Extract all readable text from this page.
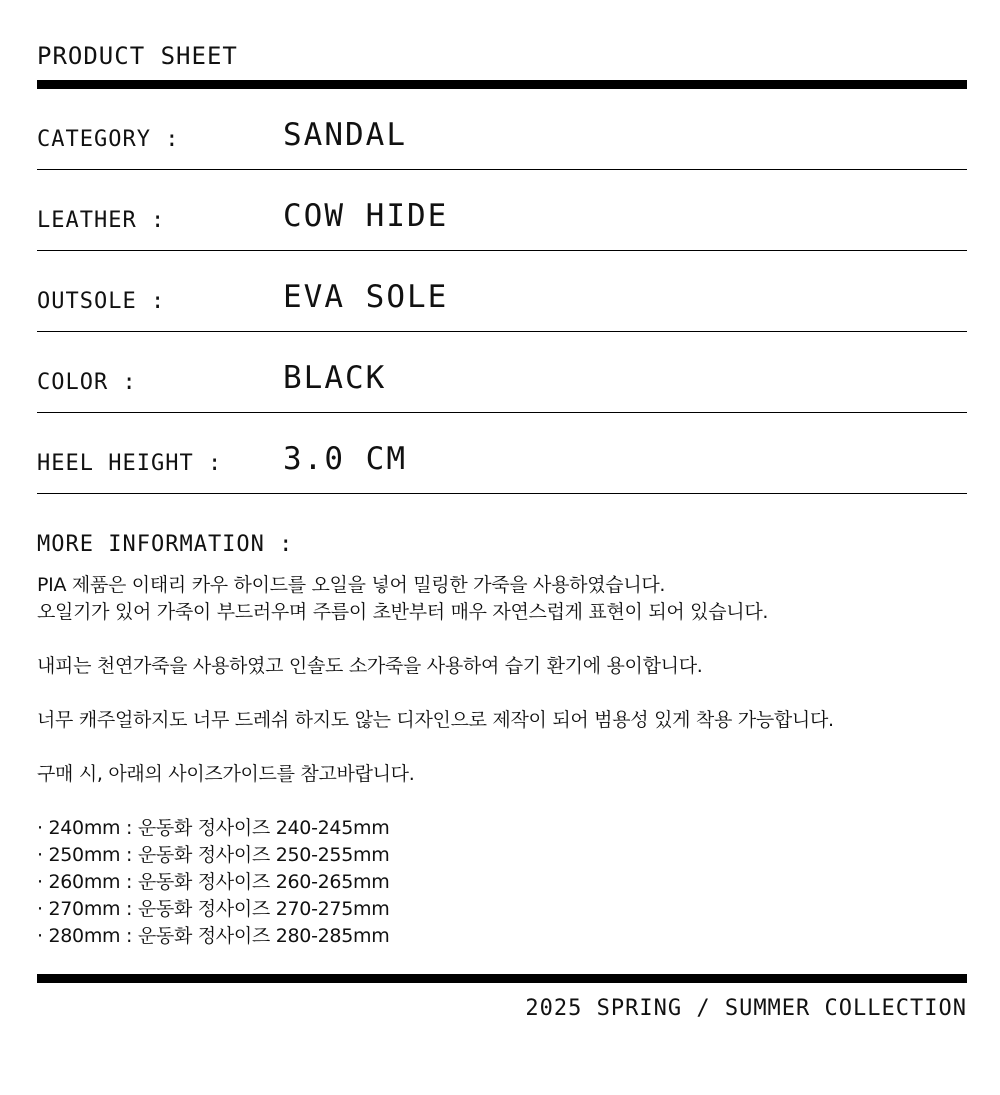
PRODUCT SHEET
CATEGORY :	SANDAL
LEATHER :	COW HIDE
OUTSOLE :	EVA SOLE
COLOR :	BLACK
HEEL HEIGHT : 3.0 CM
MORE INFORMATION :

PIA 제품은 이태리 카우 하이드를 오일을 넣어 밀링한 가죽을 사용하였습니다.

오일기가 있어 가죽이 부드러우며 주름이 초반부터 매우 자연스럽게 표현이 되어 있습니다.

내피는 천연가죽을 사용하였고 인솔도 소가죽을 사용하여 습기 환기에 용이합니다.

너무 캐주얼하지도 너무 드레쉬 하지도 않는 디자인으로 제작이 되어 범용성 있게 착용 가능합니다.

구매 시, 아래의 사이즈가이드를 참고바랍니다.

· 240mm : 운동화 정사이즈 240-245mm
· 250mm : 운동화 정사이즈 250-255mm
· 260mm : 운동화 정사이즈 260-265mm
· 270mm : 운동화 정사이즈 270-275mm
· 280mm : 운동화 정사이즈 280-285mm
2025 SPRING / SUMMER COLLECTION
